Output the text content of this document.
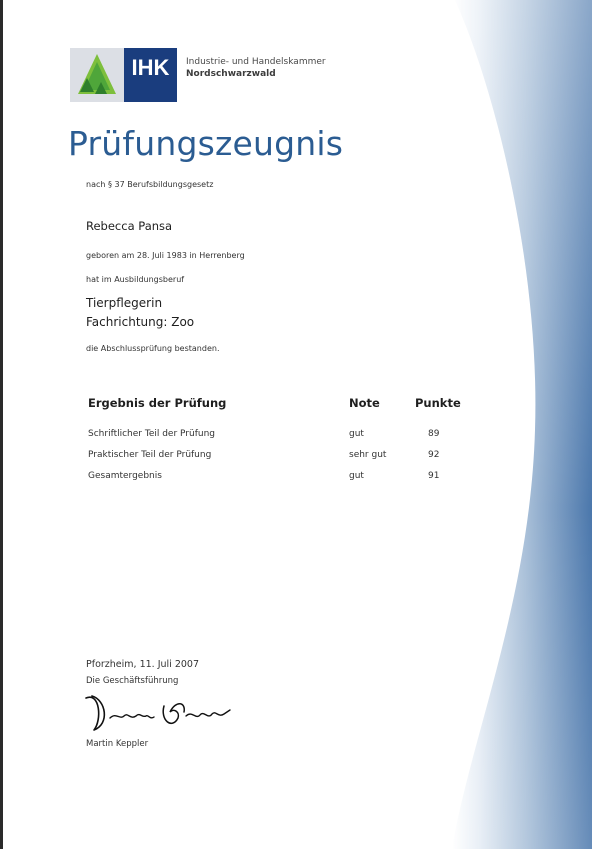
IHK	Industrie- und Handelskammer
Nordschwarzwald
Prüfungszeugnis
nach § 37 Berufsbildungsgesetz
Rebecca Pansa
geboren am 28. Juli 1983 in Herrenberg
hat im Ausbildungsberuf
Tierpflegerin
Fachrichtung: Zoo
die Abschlussprüfung bestanden.
Ergebnis der Prüfung	Note	Punkte
Schriftlicher Teil der Prüfung	gut	89
Praktischer Teil der Prüfung	sehr gut	92
Gesamtergebnis	gut	91
Pforzheim, 11. Juli 2007
Die Geschäftsführung
Martin Keppler
